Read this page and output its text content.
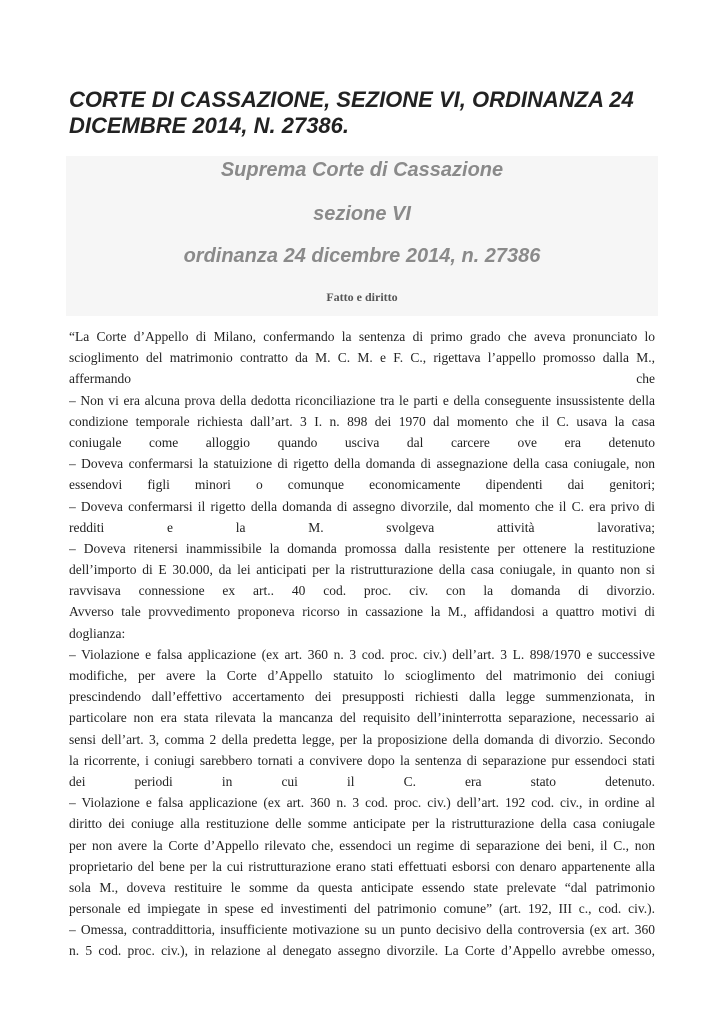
CORTE DI CASSAZIONE, SEZIONE VI, ORDINANZA 24 DICEMBRE 2014, N. 27386.
Suprema Corte di Cassazione
sezione VI
ordinanza 24 dicembre 2014, n. 27386
Fatto e diritto
“La Corte d’Appello di Milano, confermando la sentenza di primo grado che aveva pronunciato lo
scioglimento del matrimonio contratto da M. C. M. e F. C., rigettava l’appello promosso dalla M.,
affermando che
– Non vi era alcuna prova della dedotta riconciliazione tra le parti e della conseguente insussistente della
condizione temporale richiesta dall’art. 3 I. n. 898 dei 1970 dal momento che il C. usava la casa
coniugale come alloggio quando usciva dal carcere ove era detenuto
– Doveva confermarsi la statuizione di rigetto della domanda di assegnazione della casa coniugale, non
essendovi figli minori o comunque economicamente dipendenti dai genitori;
– Doveva confermarsi il rigetto della domanda di assegno divorzile, dal momento che il C. era privo di
redditi e la M. svolgeva attività lavorativa;
– Doveva ritenersi inammissibile la domanda promossa dalla resistente per ottenere la restituzione
dell’importo di E 30.000, da lei anticipati per la ristrutturazione della casa coniugale, in quanto non si
ravvisava connessione ex art.. 40 cod. proc. civ. con la domanda di divorzio.
Avverso tale provvedimento proponeva ricorso in cassazione la M., affidandosi a quattro motivi di
doglianza:
– Violazione e falsa applicazione (ex art. 360 n. 3 cod. proc. civ.) dell’art. 3 L. 898/1970 e successive
modifiche, per avere la Corte d’Appello statuito lo scioglimento del matrimonio dei coniugi
prescindendo dall’effettivo accertamento dei presupposti richiesti dalla legge summenzionata, in
particolare non era stata rilevata la mancanza del requisito dell’ininterrotta separazione, necessario ai
sensi dell’art. 3, comma 2 della predetta legge, per la proposizione della domanda di divorzio. Secondo
la ricorrente, i coniugi sarebbero tornati a convivere dopo la sentenza di separazione pur essendoci stati
dei periodi in cui il C. era stato detenuto.
– Violazione e falsa applicazione (ex art. 360 n. 3 cod. proc. civ.) dell’art. 192 cod. civ., in ordine al
diritto dei coniuge alla restituzione delle somme anticipate per la ristrutturazione della casa coniugale
per non avere la Corte d’Appello rilevato che, essendoci un regime di separazione dei beni, il C., non
proprietario del bene per la cui ristrutturazione erano stati effettuati esborsi con denaro appartenente alla
sola M., doveva restituire le somme da questa anticipate essendo state prelevate “dal patrimonio
personale ed impiegate in spese ed investimenti del patrimonio comune” (art. 192, III c., cod. civ.).
– Omessa, contraddittoria, insufficiente motivazione su un punto decisivo della controversia (ex art. 360
n. 5 cod. proc. civ.), in relazione al denegato assegno divorzile. La Corte d’Appello avrebbe omesso,
